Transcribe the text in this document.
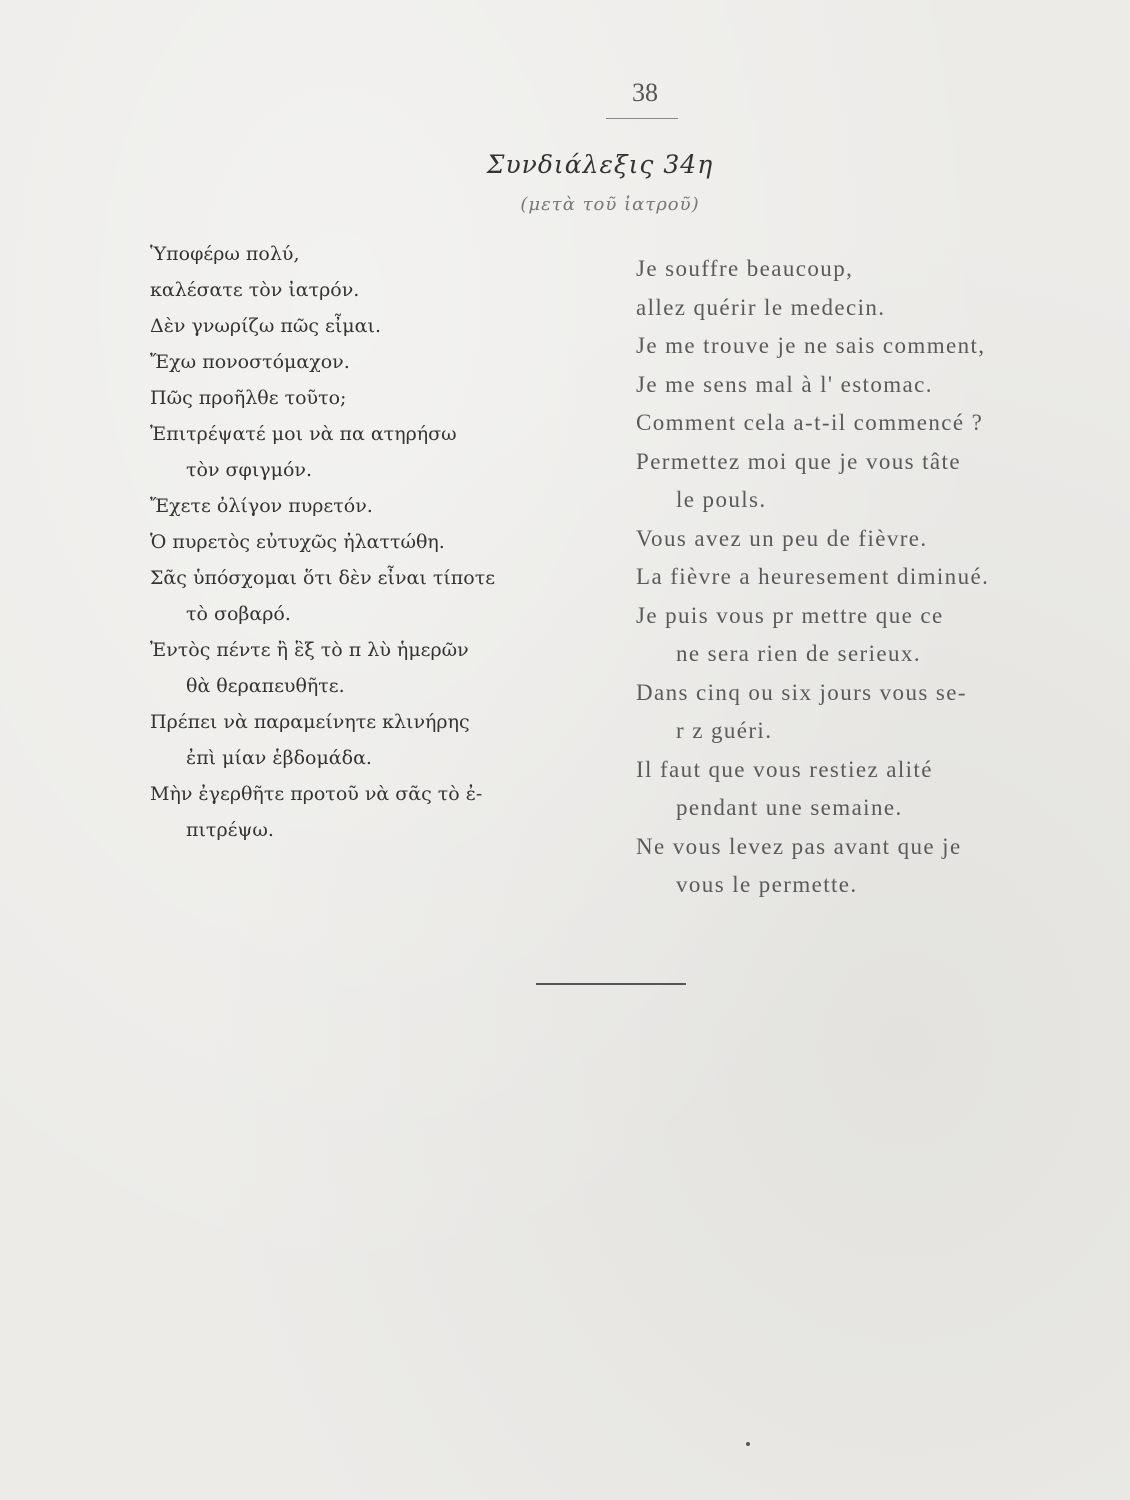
38
Συνδιάλεξις 34η
(μετὰ τοῦ ἰατροῦ)
Ὑποφέρω πολύ,
καλέσατε τὸν ἰατρόν.
Δὲν γνωρίζω πῶς εἶμαι.
Ἔχω πονοστόμαχον.
Πῶς προῆλθε τοῦτο;
Ἐπιτρέψατέ μοι νὰ πα ατηρήσω
τὸν σφιγμόν.
Ἔχετε ὀλίγον πυρετόν.
Ὁ πυρετὸς εὐτυχῶς ἠλαττώθη.
Σᾶς ὑπόσχομαι ὅτι δὲν εἶναι τίποτε
τὸ σοβαρό.
Ἐντὸς πέντε ἢ ἓξ τὸ π λὺ ἡμερῶν
θὰ θεραπευθῆτε.
Πρέπει νὰ παραμείνητε κλινήρης
ἐπὶ μίαν ἑβδομάδα.
Μὴν ἐγερθῆτε προτοῦ νὰ σᾶς τὸ ἐ-
πιτρέψω.
Je souffre beaucoup,
allez quérir le medecin.
Je me trouve je ne sais comment,
Je me sens mal à l' estomac.
Comment cela a-t-il commencé ?
Permettez moi que je vous tâte
le pouls.
Vous avez un peu de fièvre.
La fièvre a heuresement diminué.
Je puis vous pr mettre que ce
ne sera rien de serieux.
Dans cinq ou six jours vous se-
r z guéri.
Il faut que vous restiez alité
pendant une semaine.
Ne vous levez pas avant que je
vous le permette.
